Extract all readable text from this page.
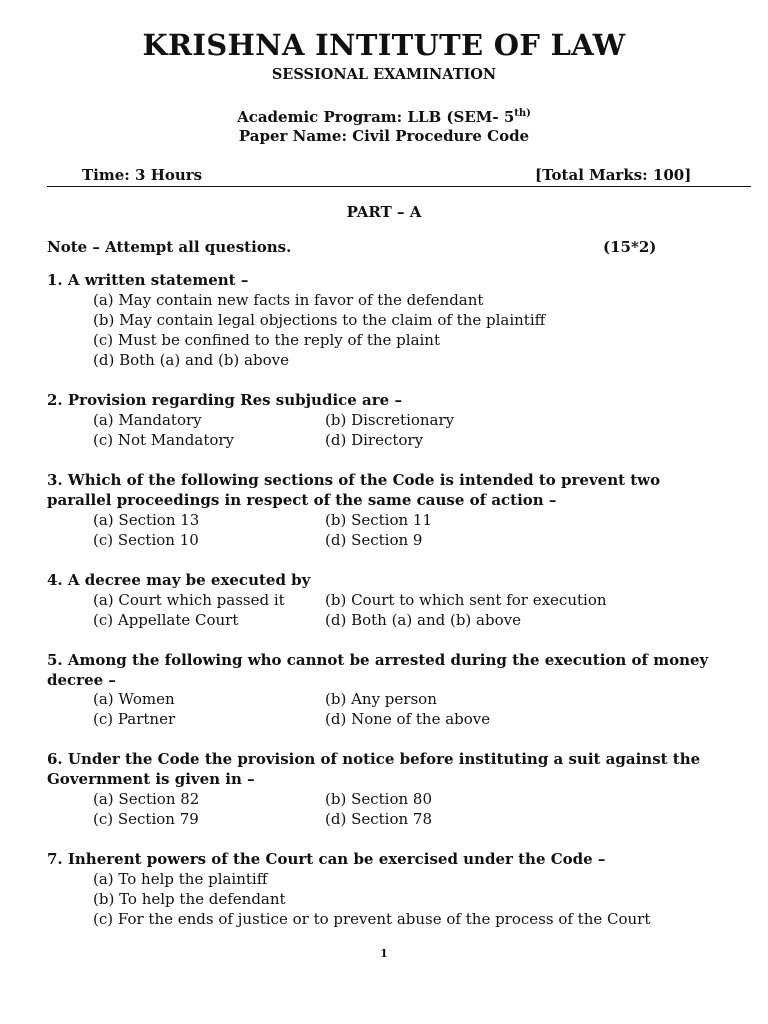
KRISHNA INTITUTE OF LAW
SESSIONAL EXAMINATION
Academic Program: LLB (SEM- $5^{th)}$
Paper Name: Civil Procedure Code
Time: 3 Hours	[Total Marks: 100]
PART – A
Note – Attempt all questions.	(15*2)
1. A written statement –
(a) May contain new facts in favor of the defendant
(b) May contain legal objections to the claim of the plaintiff
(c) Must be confined to the reply of the plaint
(d) Both (a) and (b) above
2. Provision regarding Res subjudice are –
(a) Mandatory	(b) Discretionary
(c) Not Mandatory	(d) Directory
3. Which of the following sections of the Code is intended to prevent two parallel proceedings in respect of the same cause of action –
(a) Section 13	(b) Section 11
(c) Section 10	(d) Section 9
4. A decree may be executed by
(a) Court which passed it	(b) Court to which sent for execution
(c) Appellate Court	(d) Both (a) and (b) above
5. Among the following who cannot be arrested during the execution of money decree –
(a) Women	(b) Any person
(c) Partner	(d) None of the above
6. Under the Code the provision of notice before instituting a suit against the Government is given in –
(a) Section 82	(b) Section 80
(c) Section 79	(d) Section 78
7. Inherent powers of the Court can be exercised under the Code –
(a) To help the plaintiff
(b) To help the defendant
(c) For the ends of justice or to prevent abuse of the process of the Court
1
